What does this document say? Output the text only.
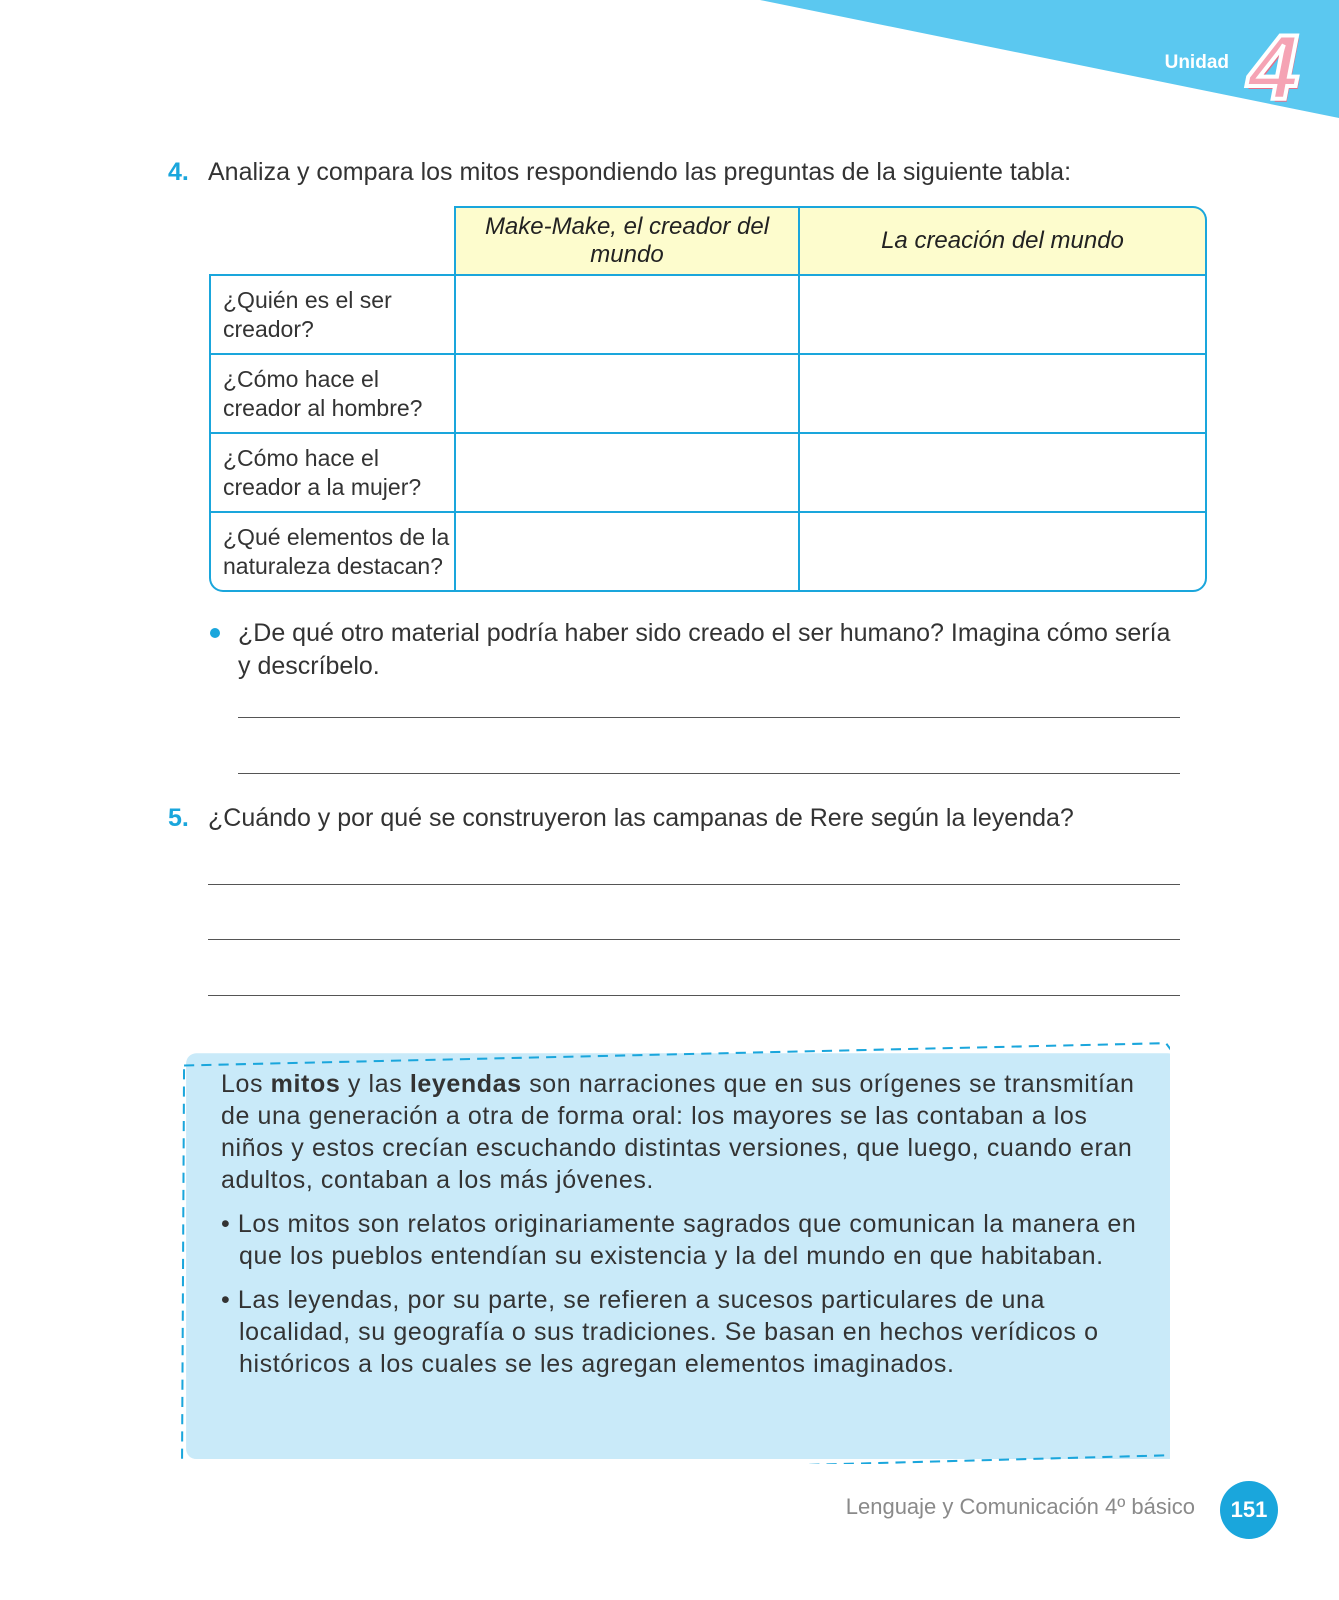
Unidad 4
4. Analiza y compara los mitos respondiendo las preguntas de la siguiente tabla:
	Make-Make, el creador del mundo	La creación del mundo
¿Quién es el ser creador?		
¿Cómo hace el creador al hombre?		
¿Cómo hace el creador a la mujer?		
¿Qué elementos de la naturaleza destacan?		
¿De qué otro material podría haber sido creado el ser humano? Imagina cómo sería y descríbelo.
5. ¿Cuándo y por qué se construyeron las campanas de Rere según la leyenda?

Los mitos y las leyendas son narraciones que en sus orígenes se transmitían de una generación a otra de forma oral: los mayores se las contaban a los niños y estos crecían escuchando distintas versiones, que luego, cuando eran adultos, contaban a los más jóvenes.

• Los mitos son relatos originariamente sagrados que comunican la manera en que los pueblos entendían su existencia y la del mundo en que habitaban.

• Las leyendas, por su parte, se refieren a sucesos particulares de una localidad, su geografía o sus tradiciones. Se basan en hechos verídicos o históricos a los cuales se les agregan elementos imaginados.

Lenguaje y Comunicación 4º básico	151
